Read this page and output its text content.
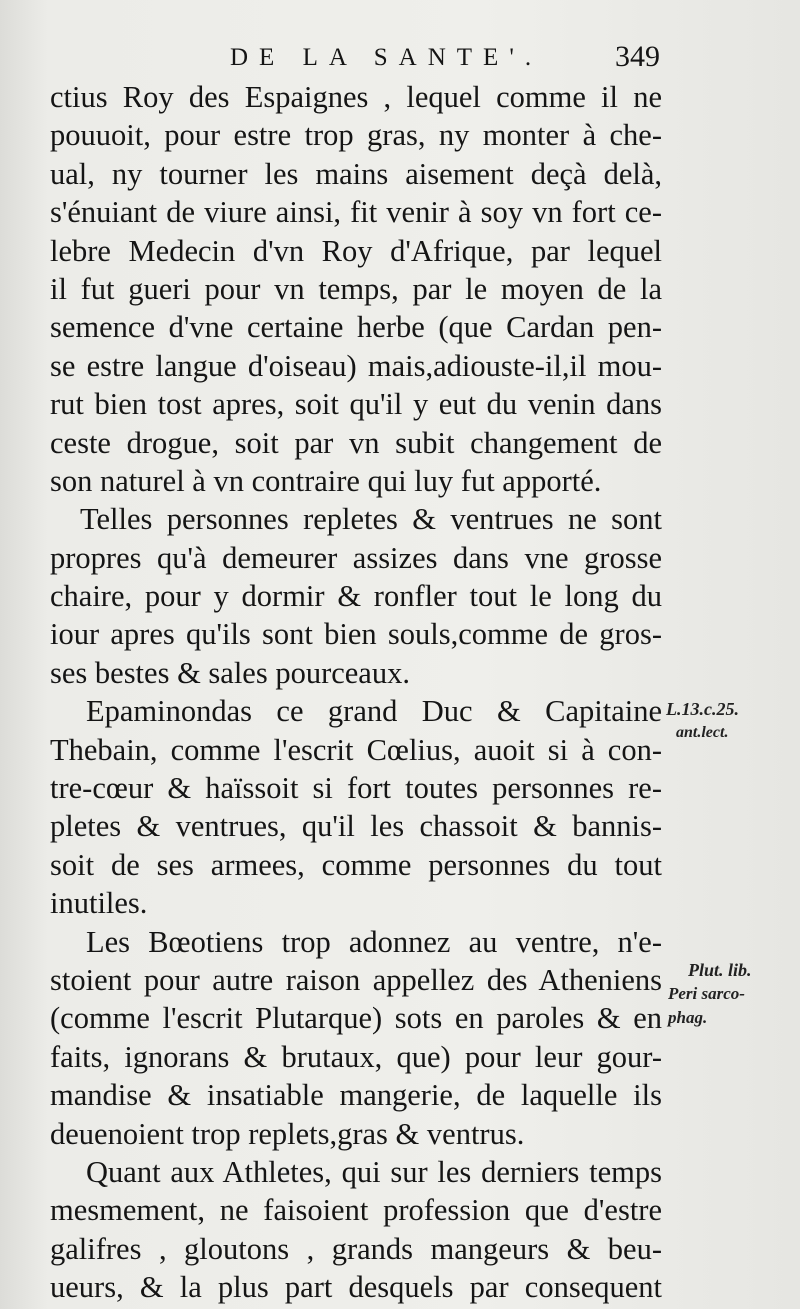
DE LA SANTE'. 349
ctius Roy des Espaignes , lequel comme il ne
pouuoit, pour estre trop gras, ny monter à che-
ual, ny tourner les mains aisement deçà delà,
s'énuiant de viure ainsi, fit venir à soy vn fort ce-
lebre Medecin d'vn Roy d'Afrique, par lequel
il fut gueri pour vn temps, par le moyen de la
semence d'vne certaine herbe (que Cardan pen-
se estre langue d'oiseau) mais,adiouste-il,il mou-
rut bien tost apres, soit qu'il y eut du venin dans
ceste drogue, soit par vn subit changement de
son naturel à vn contraire qui luy fut apporté.
Telles personnes repletes & ventrues ne sont
propres qu'à demeurer assizes dans vne grosse
chaire, pour y dormir & ronfler tout le long du
iour apres qu'ils sont bien souls,comme de gros-
ses bestes & sales pourceaux.
Epaminondas ce grand Duc & Capitaine
Thebain, comme l'escrit Cœlius, auoit si à con-
tre-cœur & haïssoit si fort toutes personnes re-
pletes & ventrues, qu'il les chassoit & bannis-
soit de ses armees, comme personnes du tout
inutiles.
Les Bœotiens trop adonnez au ventre, n'e-
stoient pour autre raison appellez des Atheniens
(comme l'escrit Plutarque) sots en paroles & en
faits, ignorans & brutaux, que) pour leur gour-
mandise & insatiable mangerie, de laquelle ils
deuenoient trop replets,gras & ventrus.
Quant aux Athletes, qui sur les derniers temps
mesmement, ne faisoient profession que d'estre
galifres , gloutons , grands mangeurs & beu-
ueurs, & la plus part desquels par consequent
L.13.c.25.
ant.lect.
Plut. lib.
Peri sarco-
phag.
